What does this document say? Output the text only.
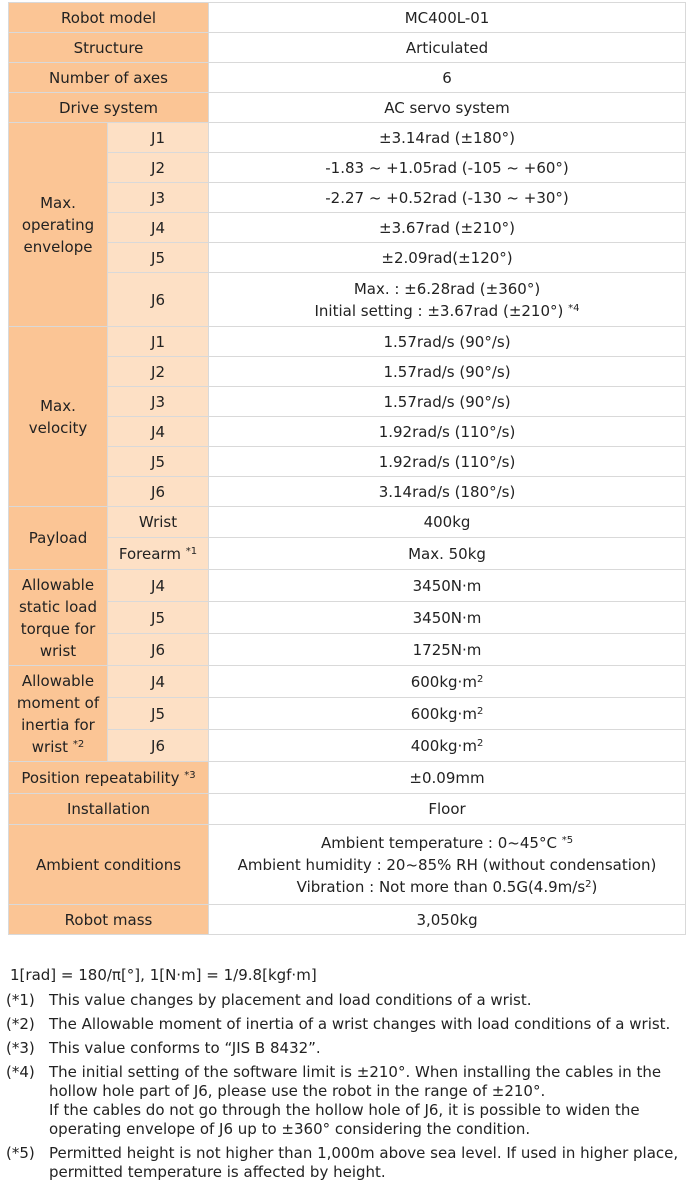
Robot model		MC400L-01
Structure		Articulated
Number of axes		6
Drive system		AC servo system
Max. operating envelope	J1	±3.14rad (±180°)
	J2	-1.83 ~ +1.05rad (-105 ~ +60°)
	J3	-2.27 ~ +0.52rad (-130 ~ +30°)
	J4	±3.67rad (±210°)
	J5	±2.09rad(±120°)
	J6	Max. : ±6.28rad (±360°)
Initial setting : ±3.67rad (±210°) $^{*4}$

Max. velocity	J1	1.57rad/s (90°/s)
	J2	1.57rad/s (90°/s)
	J3	1.57rad/s (90°/s)
	J4	1.92rad/s (110°/s)
	J5	1.92rad/s (110°/s)
	J6	3.14rad/s (180°/s)
Payload	Wrist	400kg
	Forearm $^{*1}$	Max. 50kg
Allowable static load torque for wrist	J4	3450N·m
	J5	3450N·m
	J6	1725N·m
Allowable moment of inertia for wrist $^{*2}$	J4	$600kg\cdot m^2$
	J5	$600kg\cdot m^2$
	J6	$400kg\cdot m^2$
Position repeatability $^{*3}$		±0.09mm
Installation		Floor
Ambient conditions		Ambient temperature : 0~45°C $^{*5}$
Ambient humidity : 20~85% RH (without condensation)
Vibration : Not more than $0.5G(4.9m/s^2)$

Robot mass		3,050kg
1[rad] = 180/π[°], 1[N·m] = 1/9.8[kgf·m]
(*1) This value changes by placement and load conditions of a wrist.
(*2) The Allowable moment of inertia of a wrist changes with load conditions of a wrist.
(*3) This value conforms to “JIS B 8432”.
(*4) The initial setting of the software limit is ±210°. When installing the cables in the hollow hole part of J6, please use the robot in the range of ±210°.
If the cables do not go through the hollow hole of J6, it is possible to widen the operating envelope of J6 up to ±360° considering the condition.
(*5) Permitted height is not higher than 1,000m above sea level. If used in higher place, permitted temperature is affected by height.
